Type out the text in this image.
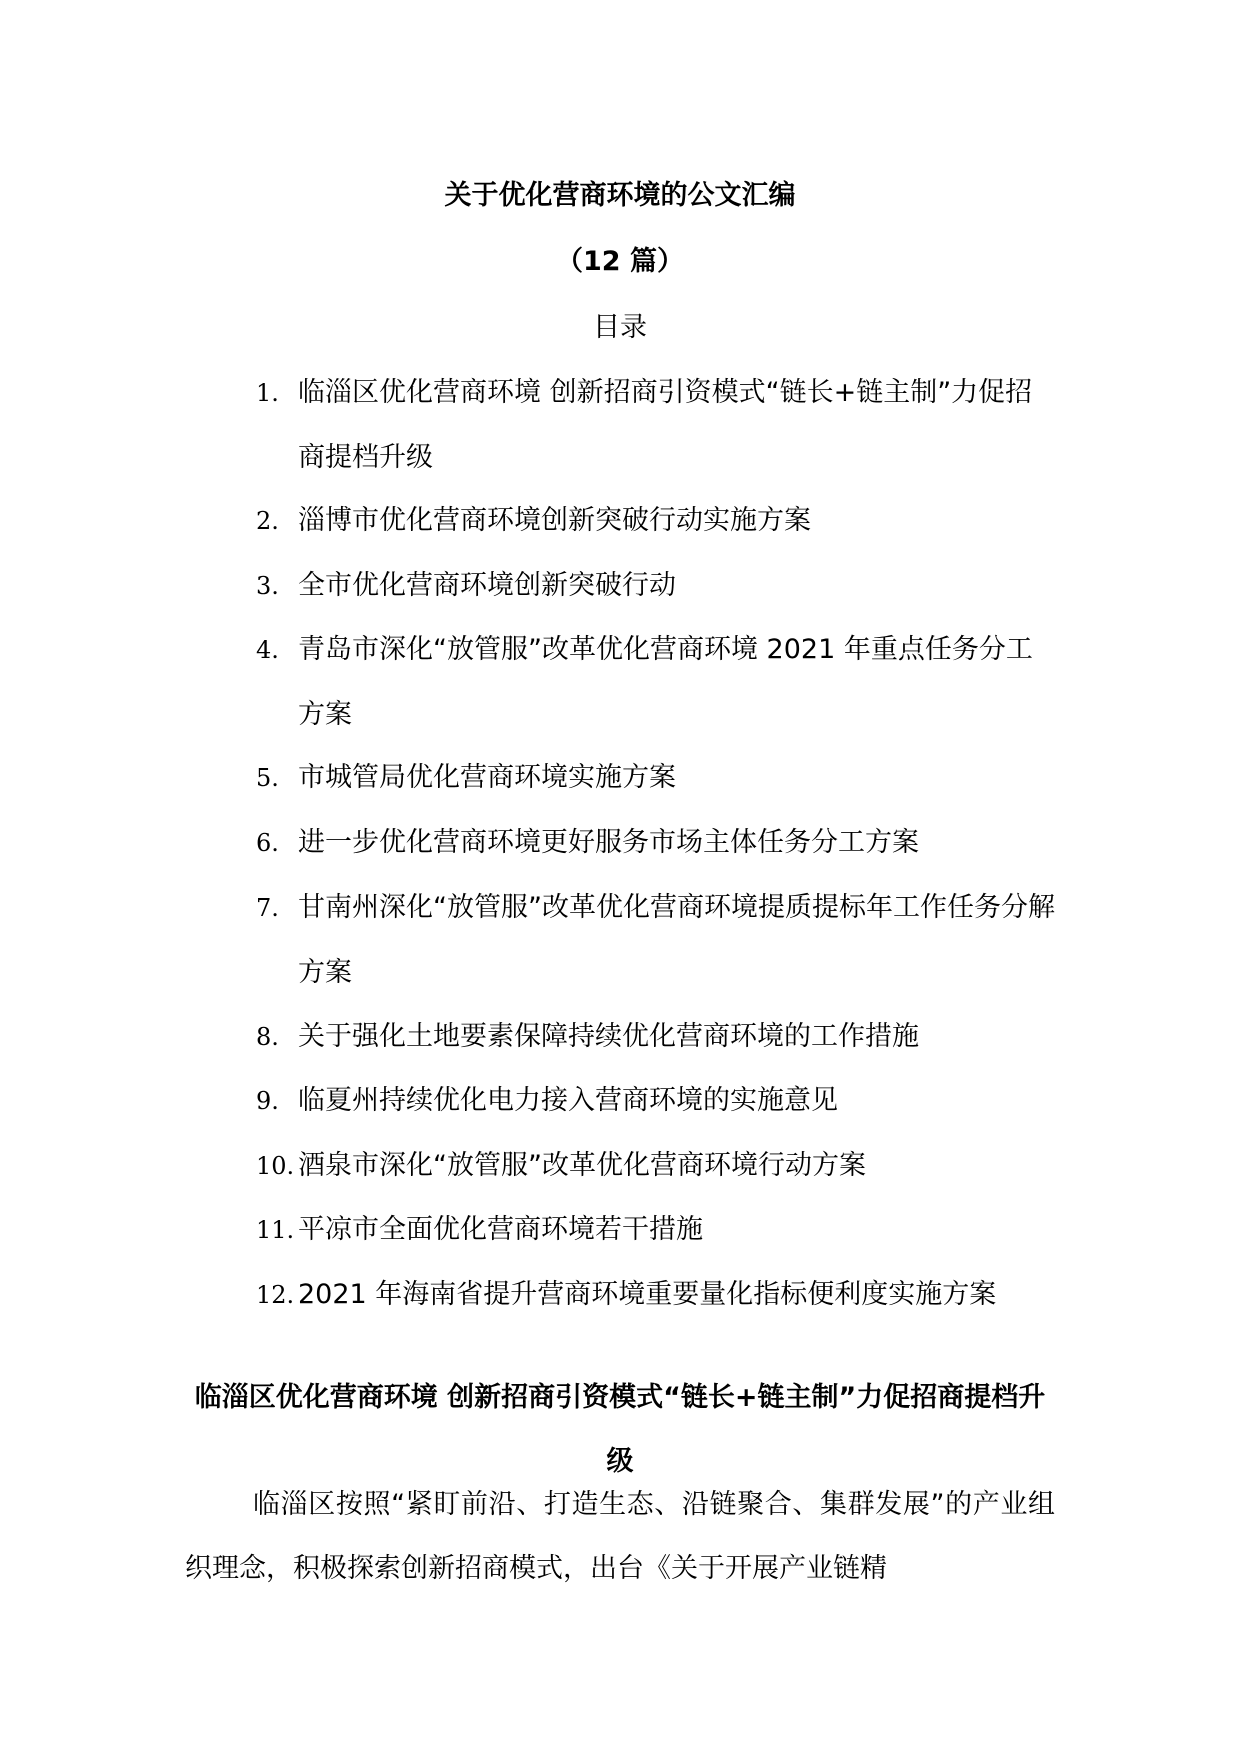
关于优化营商环境的公文汇编
（12 篇）
目录
1. 临淄区优化营商环境 创新招商引资模式“链长+链主制”力促招商提档升级
2. 淄博市优化营商环境创新突破行动实施方案
3. 全市优化营商环境创新突破行动
4. 青岛市深化“放管服”改革优化营商环境 2021 年重点任务分工方案
5. 市城管局优化营商环境实施方案
6. 进一步优化营商环境更好服务市场主体任务分工方案
7. 甘南州深化“放管服”改革优化营商环境提质提标年工作任务分解方案
8. 关于强化土地要素保障持续优化营商环境的工作措施
9. 临夏州持续优化电力接入营商环境的实施意见
10. 酒泉市深化“放管服”改革优化营商环境行动方案
11. 平凉市全面优化营商环境若干措施
12. 2021 年海南省提升营商环境重要量化指标便利度实施方案
临淄区优化营商环境 创新招商引资模式“链长+链主制”力促招商提档升级

临淄区按照“紧盯前沿、打造生态、沿链聚合、集群发展”的产业组织理念，积极探索创新招商模式，出台《关于开展产业链精
